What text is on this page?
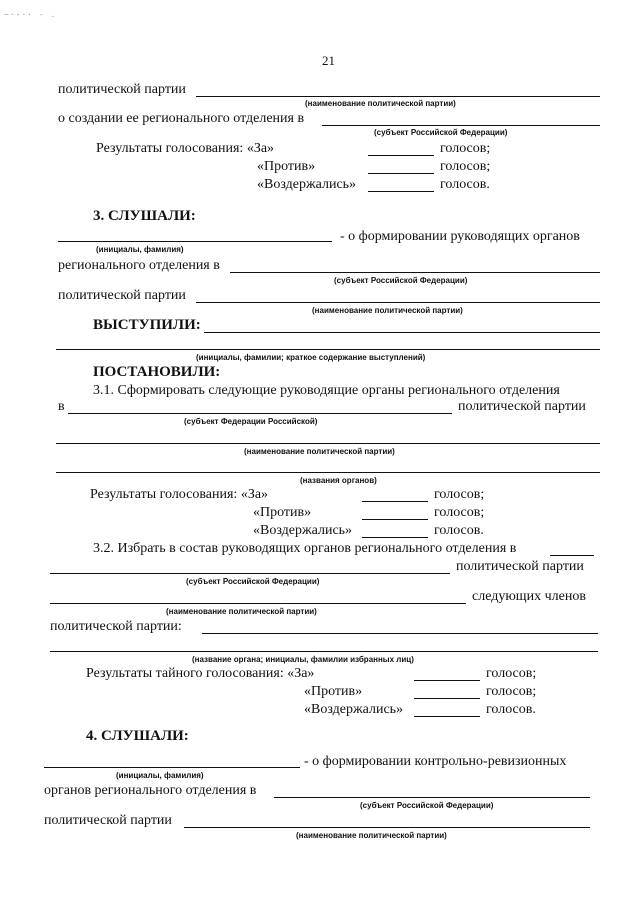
~·-·· - .
21
политической партии
(наименование политической партии)
о создании ее регионального отделения в
(субъект Российской Федерации)
Результаты голосования: «За»	голосов;
«Против»	голосов;
«Воздержались»	голосов.
3. СЛУШАЛИ:
- о формировании руководящих органов
(инициалы, фамилия)
регионального отделения в
(субъект Российской Федерации)
политической партии
(наименование политической партии)
ВЫСТУПИЛИ:
(инициалы, фамилии; краткое содержание выступлений)
ПОСТАНОВИЛИ:
3.1. Сформировать следующие руководящие органы регионального отделения
в	политической партии
(субъект Федерации Российской)
(наименование политической партии)
(названия органов)
Результаты голосования: «За»	голосов;
«Против»	голосов;
«Воздержались»	голосов.
3.2. Избрать в состав руководящих органов регионального отделения в
политической партии
(субъект Российской Федерации)
следующих членов
(наименование политической партии)
политической партии:
(название органа; инициалы, фамилии избранных лиц)
Результаты тайного голосования: «За»	голосов;
«Против»	голосов;
«Воздержались»	голосов.
4. СЛУШАЛИ:
- о формировании контрольно-ревизионных
(инициалы, фамилия)
органов регионального отделения в
(субъект Российской Федерации)
политической партии
(наименование политической партии)
